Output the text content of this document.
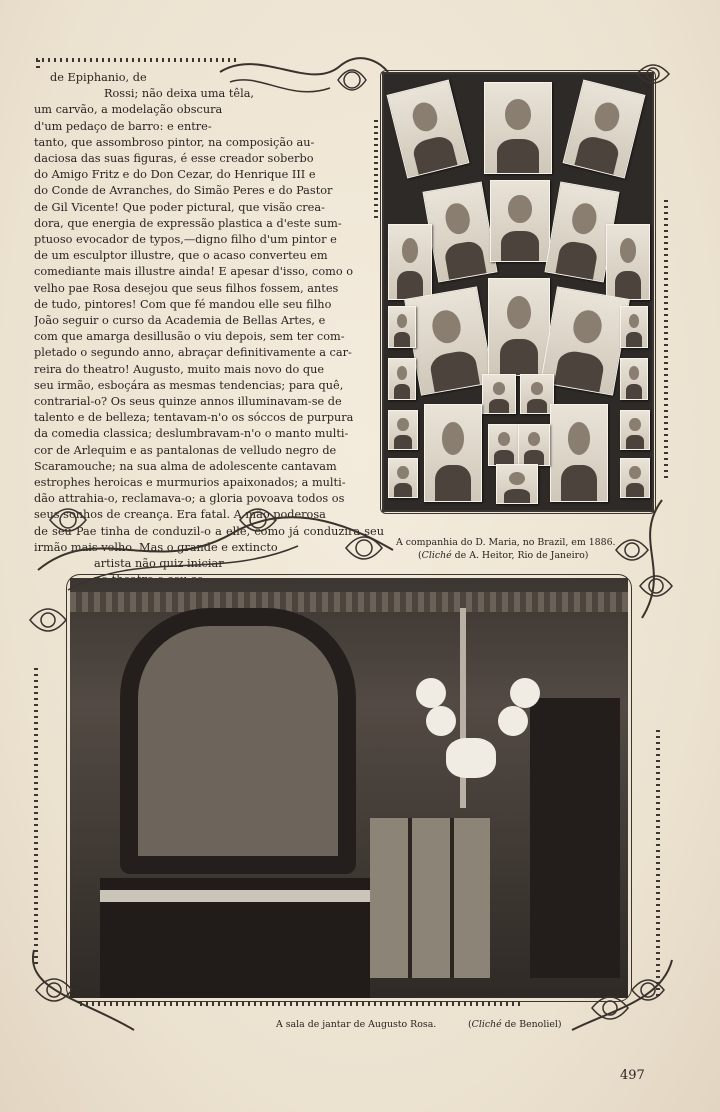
de Epiphanio, de
Rossi; não deixa uma têla,
um carvão, a modelação obscura
d'um pedaço de barro: e entre-
tanto, que assombroso pintor, na composição au-
daciosa das suas figuras, é esse creador soberbo
do Amigo Fritz e do Don Cezar, do Henrique III e
do Conde de Avranches, do Simão Peres e do Pastor
de Gil Vicente! Que poder pictural, que visão creа-
dora, que energia de expressão plastica a d'este sum-
ptuoso evocador de typos,—digno filho d'um pintor e
de um esculptor illustre, que o acaso converteu em
comediante mais illustre ainda! E apesar d'isso, como o
velho pae Rosa desejou que seus filhos fossem, antes
de tudo, pintores! Com que fé mandou elle seu filho
João seguir o curso da Academia de Bellas Artes, e
com que amarga desillusão o viu depois, sem ter com-
pletado o segundo anno, abraçar definitivamente a car-
reira do theatro! Augusto, muito mais novo do que
seu irmão, esboçára as mesmas tendencias; para quê,
contrarial-o? Os seus quinze annos illuminavam-se de
talento e de belleza; tentavam-n'o os sóccos de purpura
da comedia classica; deslumbravam-n'o o manto multi-
cor de Arlequim e as pantalonas de velludo negro de
Scaramouche; na sua alma de adolescente cantavam
estrophes heroicas e murmurios apaixonados; a multi-
dão attrahia-o, reclamava-o; a gloria povoava todos os
seus sonhos de creança. Era fatal. A mão poderosa
de seu Pae tinha de conduzil-o a elle, como já conduzira seu irmão mais velho. Mas o grande e extincto
artista não quiz iniciar
A companhia do D. Maria, no Brazil, em 1886.
(Cliché de A. Heitor, Rio de Janeiro)
A sala de jantar de Augusto Rosa.	(Cliché de Benoliel)
497
